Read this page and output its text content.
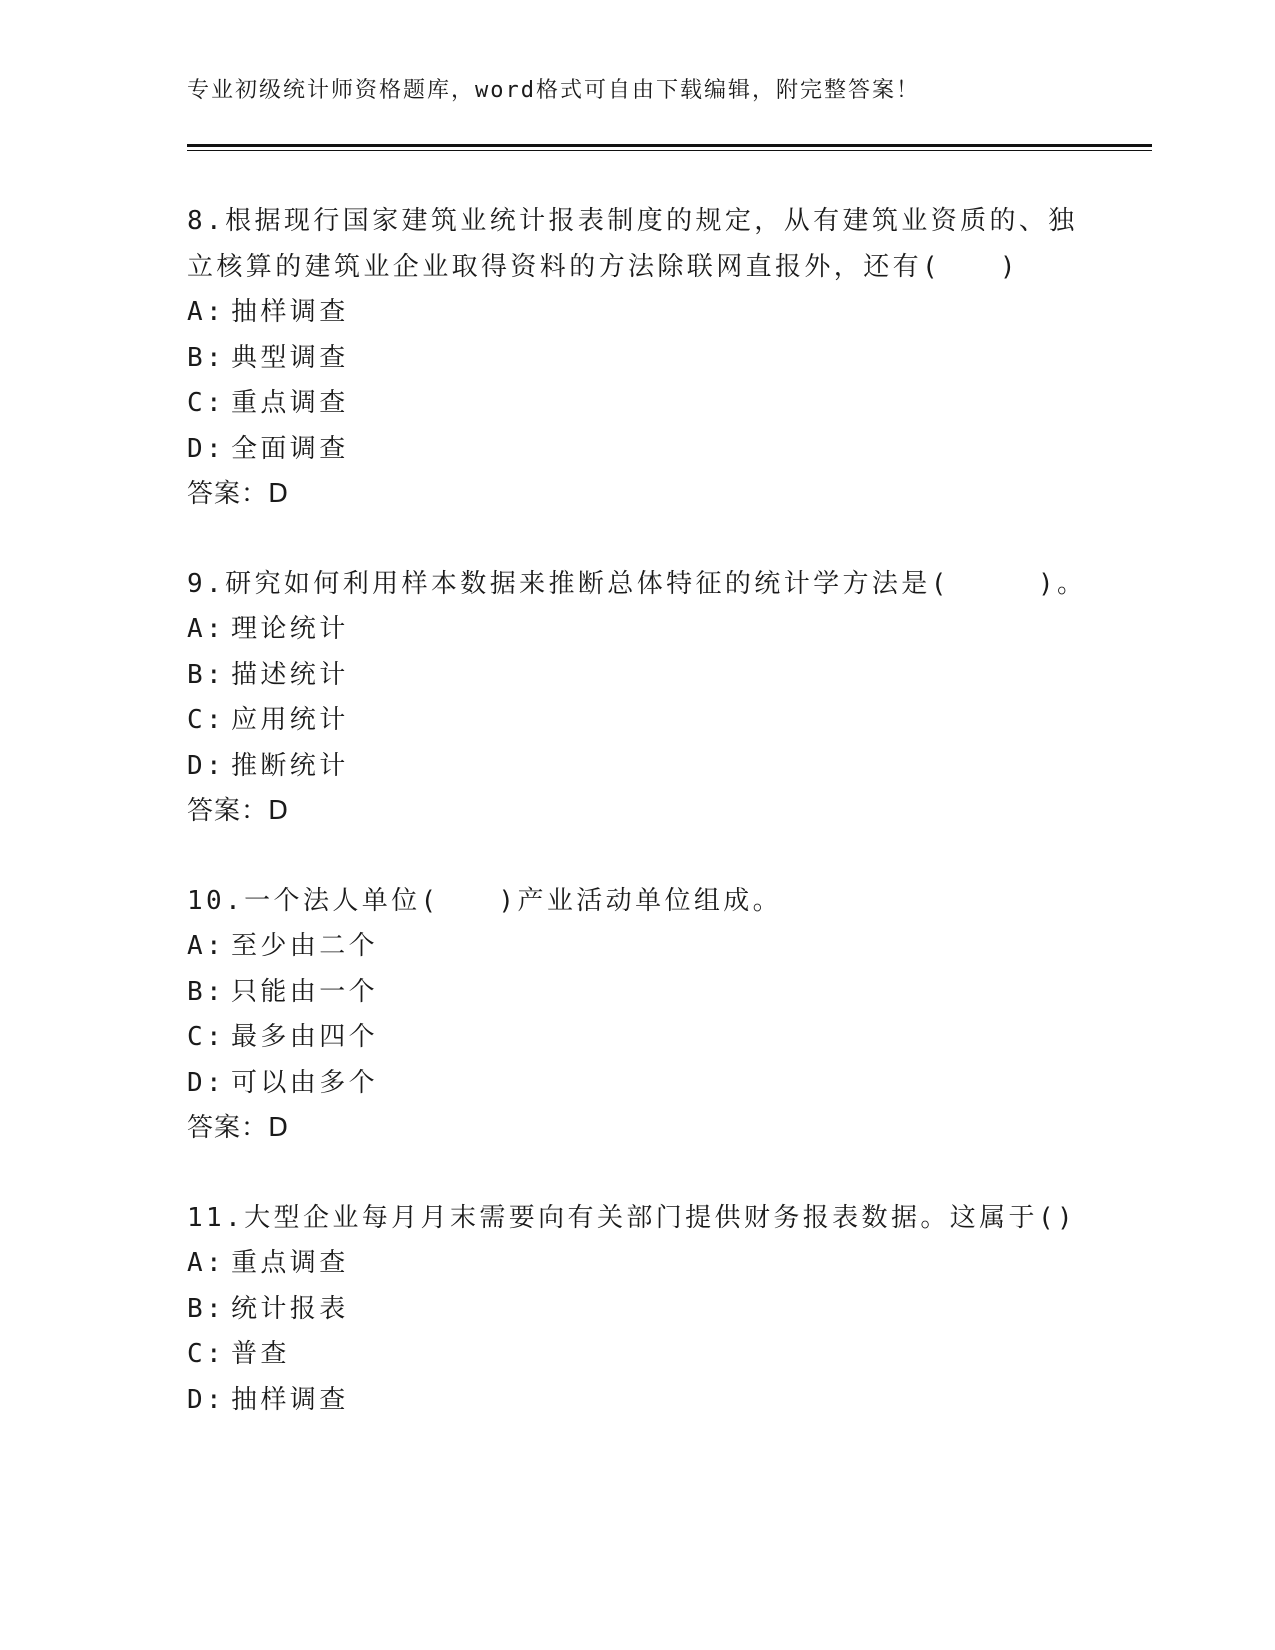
专业初级统计师资格题库，word格式可自由下载编辑，附完整答案！

8.根据现行国家建筑业统计报表制度的规定，从有建筑业资质的、独立核算的建筑业企业取得资料的方法除联网直报外，还有(　　)

A: 抽样调查

B: 典型调查

C: 重点调查

D: 全面调查

答案：D

9.研究如何利用样本数据来推断总体特征的统计学方法是(　　　)。

A: 理论统计

B: 描述统计

C: 应用统计

D: 推断统计

答案：D

10.一个法人单位(　　)产业活动单位组成。

A: 至少由二个

B: 只能由一个

C: 最多由四个

D: 可以由多个

答案：D

11.大型企业每月月末需要向有关部门提供财务报表数据。这属于()

A: 重点调查

B: 统计报表

C: 普查

D: 抽样调查
